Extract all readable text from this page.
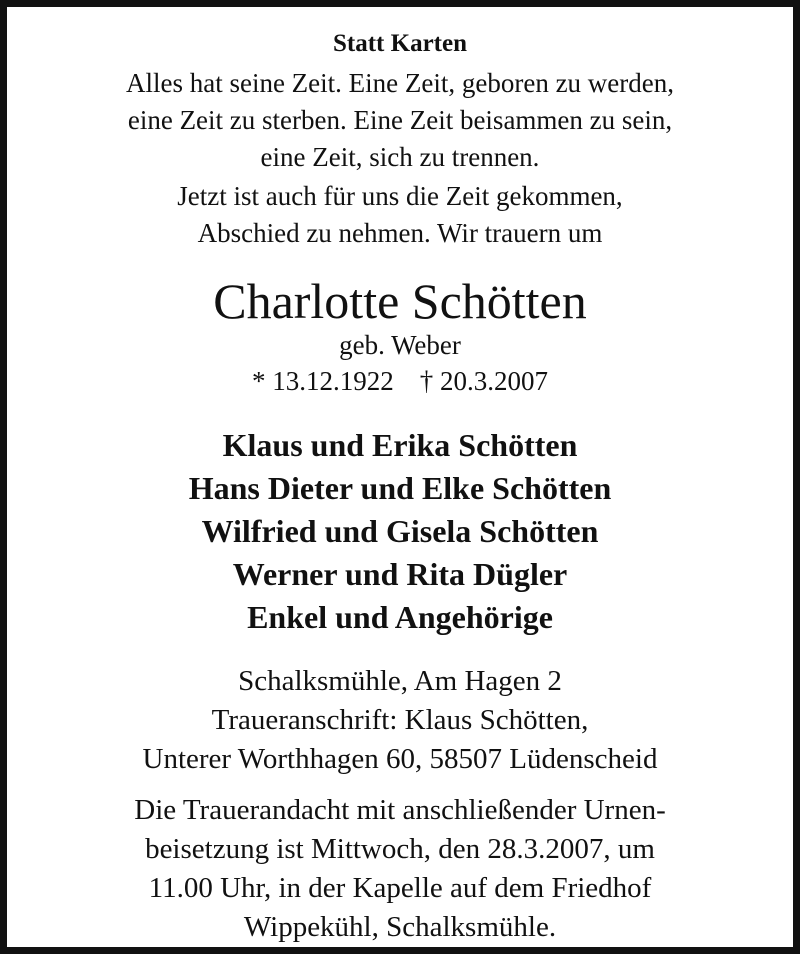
Statt Karten
Alles hat seine Zeit. Eine Zeit, geboren zu werden,
eine Zeit zu sterben. Eine Zeit beisammen zu sein,
eine Zeit, sich zu trennen.
Jetzt ist auch für uns die Zeit gekommen,
Abschied zu nehmen. Wir trauern um
Charlotte Schötten
geb. Weber
* 13.12.1922 † 20.3.2007
Klaus und Erika Schötten
Hans Dieter und Elke Schötten
Wilfried und Gisela Schötten
Werner und Rita Dügler
Enkel und Angehörige
Schalksmühle, Am Hagen 2
Traueranschrift: Klaus Schötten,
Unterer Worthhagen 60, 58507 Lüdenscheid
Die Trauerandacht mit anschließender Urnen-
beisetzung ist Mittwoch, den 28.3.2007, um
11.00 Uhr, in der Kapelle auf dem Friedhof
Wippekühl, Schalksmühle.
